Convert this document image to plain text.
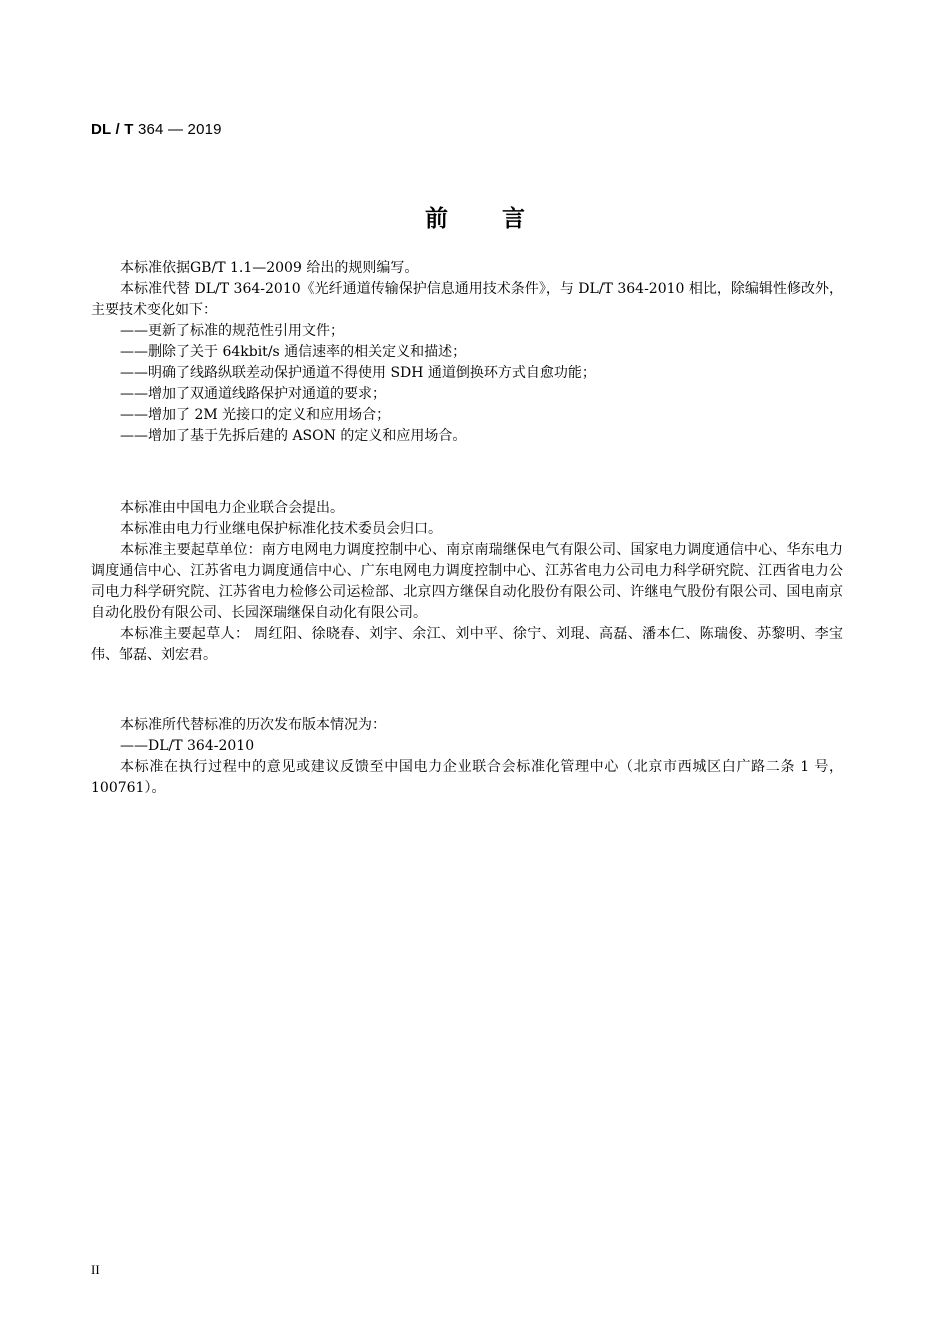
DL / T 364 — 2019
前 言

本标准依据GB/T 1.1—2009 给出的规则编写。

本标准代替 DL/T 364-2010《光纤通道传输保护信息通用技术条件》，与 DL/T 364-2010 相比，除编辑性修改外，主要技术变化如下：

——更新了标准的规范性引用文件；

——删除了关于 64kbit/s 通信速率的相关定义和描述；

——明确了线路纵联差动保护通道不得使用 SDH 通道倒换环方式自愈功能；

——增加了双通道线路保护对通道的要求；

——增加了 2M 光接口的定义和应用场合；

——增加了基于先拆后建的 ASON 的定义和应用场合。

本标准由中国电力企业联合会提出。

本标准由电力行业继电保护标准化技术委员会归口。

本标准主要起草单位：南方电网电力调度控制中心、南京南瑞继保电气有限公司、国家电力调度通信中心、华东电力调度通信中心、江苏省电力调度通信中心、广东电网电力调度控制中心、江苏省电力公司电力科学研究院、江西省电力公司电力科学研究院、江苏省电力检修公司运检部、北京四方继保自动化股份有限公司、许继电气股份有限公司、国电南京自动化股份有限公司、长园深瑞继保自动化有限公司。

本标准主要起草人： 周红阳、徐晓春、刘宇、余江、刘中平、徐宁、刘琨、高磊、潘本仁、陈瑞俊、苏黎明、李宝伟、邹磊、刘宏君。

本标准所代替标准的历次发布版本情况为：

——DL/T 364-2010

本标准在执行过程中的意见或建议反馈至中国电力企业联合会标准化管理中心（北京市西城区白广路二条 1 号，100761）。

II
